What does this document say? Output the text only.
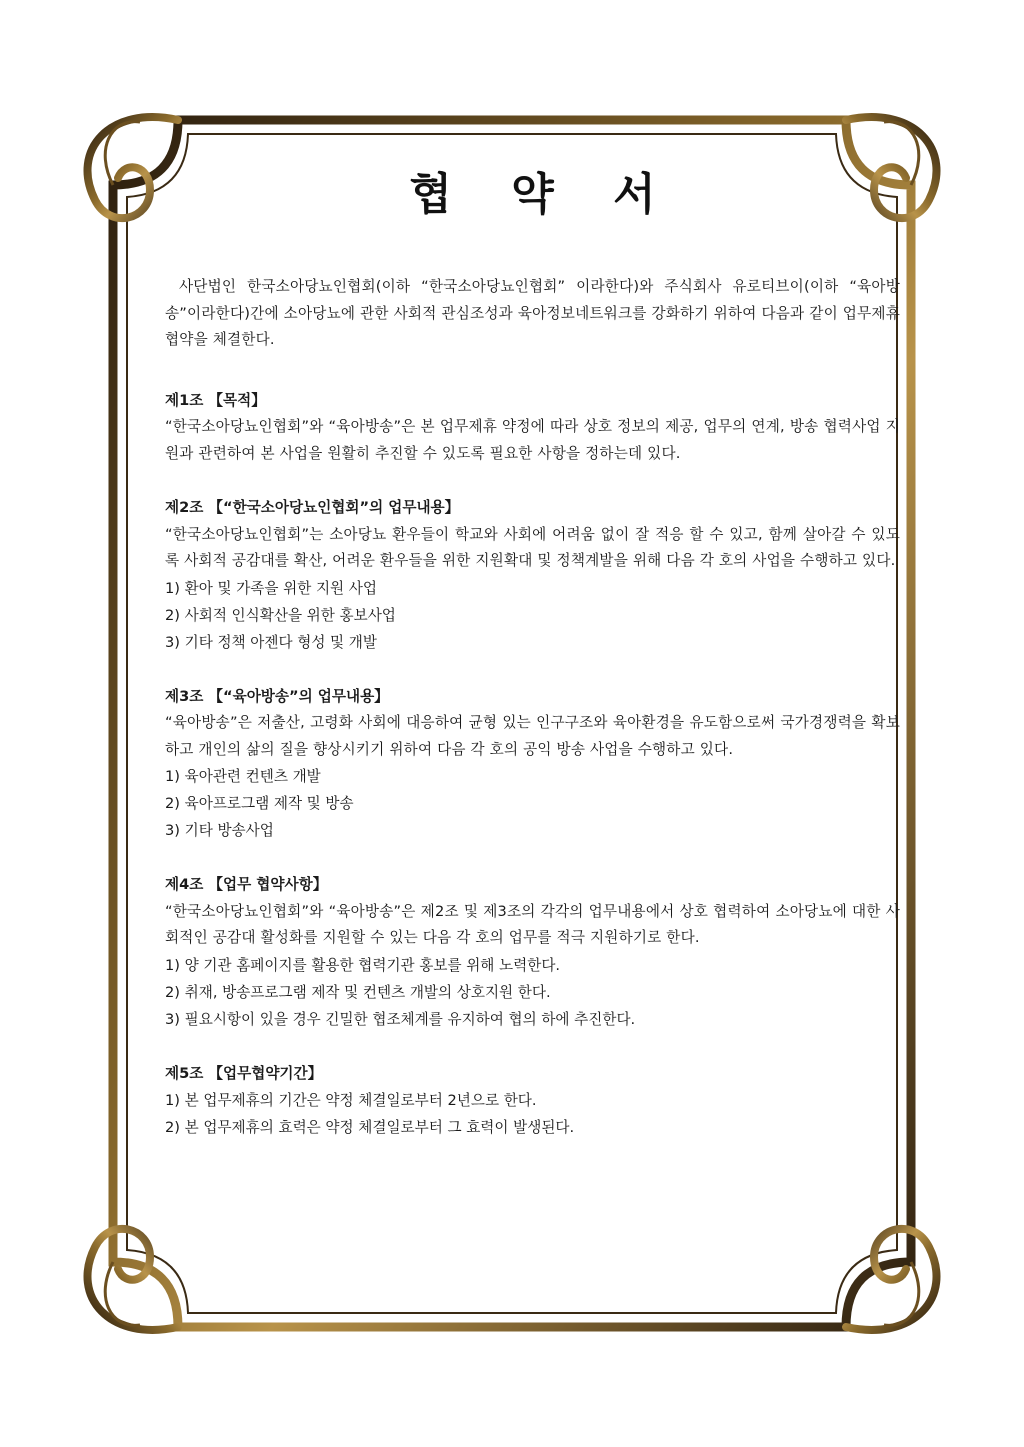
협 약 서

사단법인 한국소아당뇨인협회(이하 “한국소아당뇨인협회” 이라한다)와 주식회사 유로티브이(이하 “육아방송”이라한다)간에 소아당뇨에 관한 사회적 관심조성과 육아정보네트워크를 강화하기 위하여 다음과 같이 업무제휴 협약을 체결한다.

제1조 【목적】

“한국소아당뇨인협회”와 “육아방송”은 본 업무제휴 약정에 따라 상호 정보의 제공, 업무의 연계, 방송 협력사업 지원과 관련하여 본 사업을 원활히 추진할 수 있도록 필요한 사항을 정하는데 있다.

제2조 【“한국소아당뇨인협회”의 업무내용】

“한국소아당뇨인협회”는 소아당뇨 환우들이 학교와 사회에 어려움 없이 잘 적응 할 수 있고, 함께 살아갈 수 있도록 사회적 공감대를 확산, 어려운 환우들을 위한 지원확대 및 정책계발을 위해 다음 각 호의 사업을 수행하고 있다.

1) 환아 및 가족을 위한 지원 사업
2) 사회적 인식확산을 위한 홍보사업
3) 기타 정책 아젠다 형성 및 개발

제3조 【“육아방송”의 업무내용】

“육아방송”은 저출산, 고령화 사회에 대응하여 균형 있는 인구구조와 육아환경을 유도함으로써 국가경쟁력을 확보하고 개인의 삶의 질을 향상시키기 위하여 다음 각 호의 공익 방송 사업을 수행하고 있다.

1) 육아관련 컨텐츠 개발
2) 육아프로그램 제작 및 방송
3) 기타 방송사업

제4조 【업무 협약사항】

“한국소아당뇨인협회”와 “육아방송”은 제2조 및 제3조의 각각의 업무내용에서 상호 협력하여 소아당뇨에 대한 사회적인 공감대 활성화를 지원할 수 있는 다음 각 호의 업무를 적극 지원하기로 한다.

1) 양 기관 홈페이지를 활용한 협력기관 홍보를 위해 노력한다.
2) 취재, 방송프로그램 제작 및 컨텐츠 개발의 상호지원 한다.
3) 필요시항이 있을 경우 긴밀한 협조체계를 유지하여 협의 하에 추진한다.

제5조 【업무협약기간】

1) 본 업무제휴의 기간은 약정 체결일로부터 2년으로 한다.
2) 본 업무제휴의 효력은 약정 체결일로부터 그 효력이 발생된다.
